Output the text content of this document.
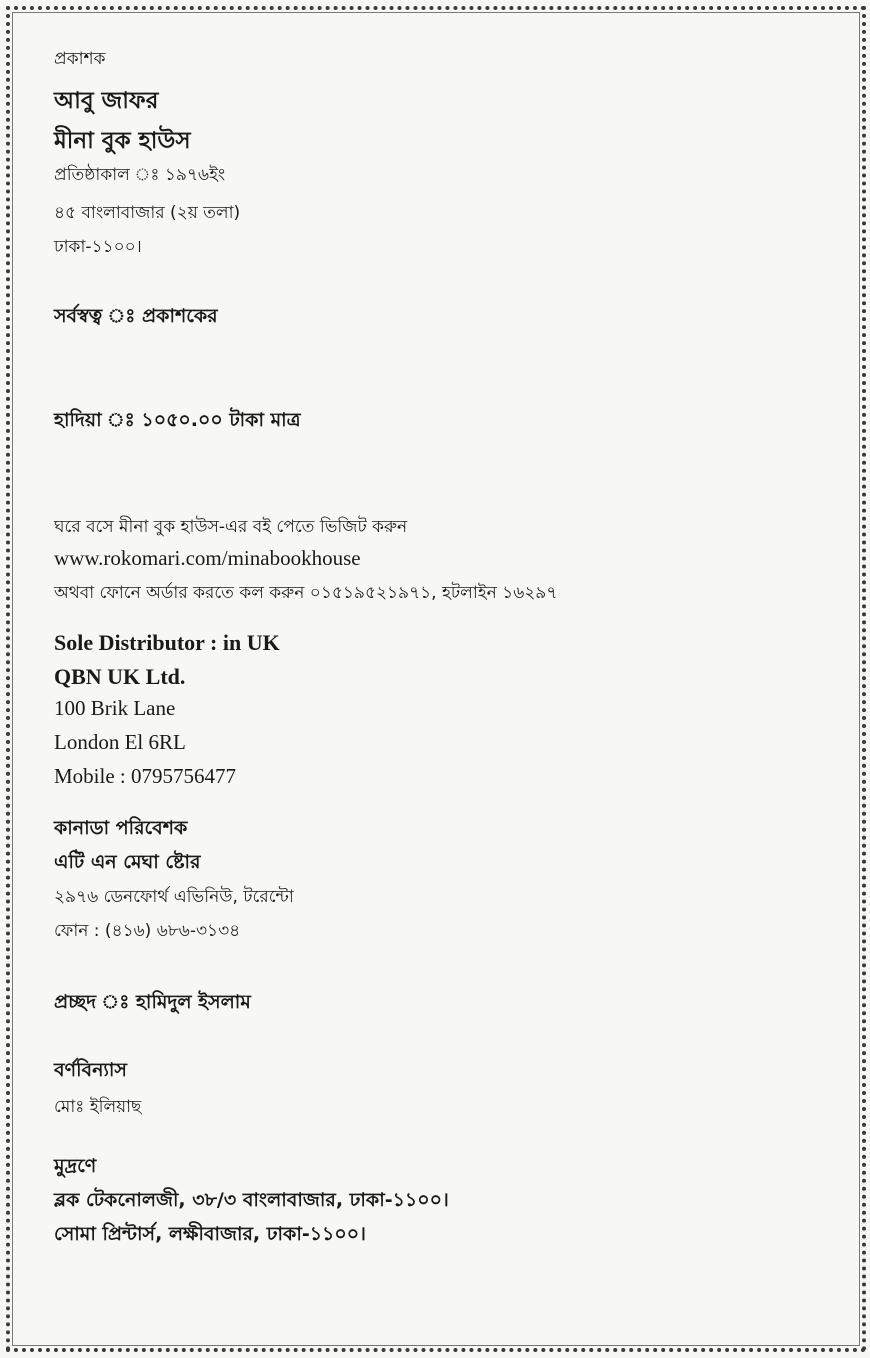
প্রকাশক
আবু জাফর
মীনা বুক হাউস
প্রতিষ্ঠাকাল ঃ ১৯৭৬ইং
৪৫ বাংলাবাজার (২য় তলা)
ঢাকা-১১০০।
সর্বস্বত্ব ঃ প্রকাশকের
হাদিয়া ঃ ১০৫০.০০ টাকা মাত্র
ঘরে বসে মীনা বুক হাউস-এর বই পেতে ভিজিট করুন
www.rokomari.com/minabookhouse
অথবা ফোনে অর্ডার করতে কল করুন ০১৫১৯৫২১৯৭১, হটলাইন ১৬২৯৭
Sole Distributor : in UK
QBN UK Ltd.
100 Brik Lane
London El 6RL
Mobile : 0795756477
কানাডা পরিবেশক
এটি এন মেঘা ষ্টোর
২৯৭৬ ডেনফোর্থ এভিনিউ, টরেন্টো
ফোন : (৪১৬) ৬৮৬-৩১৩৪
প্রচ্ছদ ঃ হামিদুল ইসলাম
বর্ণবিন্যাস
মোঃ ইলিয়াছ
মুদ্রণে
ব্লক টেকনোলজী, ৩৮/৩ বাংলাবাজার, ঢাকা-১১০০।
সোমা প্রিন্টার্স, লক্ষীবাজার, ঢাকা-১১০০।
